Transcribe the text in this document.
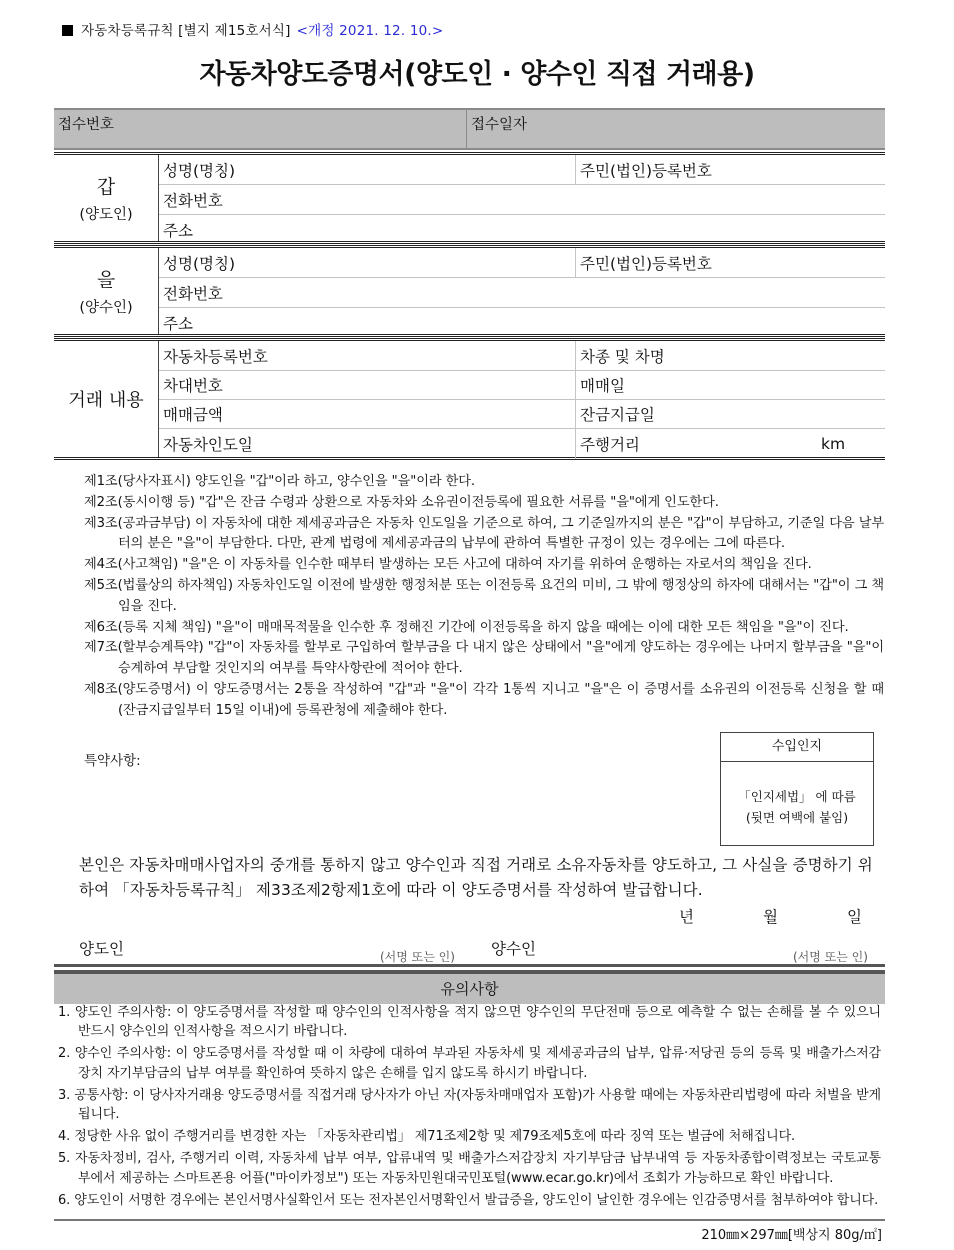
자동차등록규칙 [별지 제15호서식] <개정 2021. 12. 10.>
자동차양도증명서(양도인 · 양수인 직접 거래용)
접수번호	접수일자
갑
(양도인)
성명(명칭)	주민(법인)등록번호
전화번호
주소
을
(양수인)
성명(명칭)	주민(법인)등록번호
전화번호
주소
거래 내용
자동차등록번호	차종 및 차명
차대번호	매매일
매매금액	잔금지급일
자동차인도일	주행거리	km

제1조(당사자표시) 양도인을 "갑"이라 하고, 양수인을 "을"이라 한다.

제2조(동시이행 등) "갑"은 잔금 수령과 상환으로 자동차와 소유권이전등록에 필요한 서류를 "을"에게 인도한다.

제3조(공과금부담) 이 자동차에 대한 제세공과금은 자동차 인도일을 기준으로 하여, 그 기준일까지의 분은 "갑"이 부담하고, 기준일 다음 날부터의 분은 "을"이 부담한다. 다만, 관계 법령에 제세공과금의 납부에 관하여 특별한 규정이 있는 경우에는 그에 따른다.

제4조(사고책임) "을"은 이 자동차를 인수한 때부터 발생하는 모든 사고에 대하여 자기를 위하여 운행하는 자로서의 책임을 진다.

제5조(법률상의 하자책임) 자동차인도일 이전에 발생한 행정처분 또는 이전등록 요건의 미비, 그 밖에 행정상의 하자에 대해서는 "갑"이 그 책임을 진다.

제6조(등록 지체 책임) "을"이 매매목적물을 인수한 후 정해진 기간에 이전등록을 하지 않을 때에는 이에 대한 모든 책임을 "을"이 진다.

제7조(할부승계특약) "갑"이 자동차를 할부로 구입하여 할부금을 다 내지 않은 상태에서 "을"에게 양도하는 경우에는 나머지 할부금을 "을"이 승계하여 부담할 것인지의 여부를 특약사항란에 적어야 한다.

제8조(양도증명서) 이 양도증명서는 2통을 작성하여 "갑"과 "을"이 각각 1통씩 지니고 "을"은 이 증명서를 소유권의 이전등록 신청을 할 때(잔금지급일부터 15일 이내)에 등록관청에 제출해야 한다.

특약사항:
수입인지
「인지세법」 에 따름
(뒷면 여백에 붙임)
본인은 자동차매매사업자의 중개를 통하지 않고 양수인과 직접 거래로 소유자동차를 양도하고, 그 사실을 증명하기 위하여 「자동차등록규칙」 제33조제2항제1호에 따라 이 양도증명서를 작성하여 발급합니다.
년	월	일
양도인	(서명 또는 인) 양수인	(서명 또는 인)
유의사항

1. 양도인 주의사항: 이 양도증명서를 작성할 때 양수인의 인적사항을 적지 않으면 양수인의 무단전매 등으로 예측할 수 없는 손해를 볼 수 있으니 반드시 양수인의 인적사항을 적으시기 바랍니다.

2. 양수인 주의사항: 이 양도증명서를 작성할 때 이 차량에 대하여 부과된 자동차세 및 제세공과금의 납부, 압류·저당권 등의 등록 및 배출가스저감장치 자기부담금의 납부 여부를 확인하여 뜻하지 않은 손해를 입지 않도록 하시기 바랍니다.

3. 공통사항: 이 당사자거래용 양도증명서를 직접거래 당사자가 아닌 자(자동차매매업자 포함)가 사용할 때에는 자동차관리법령에 따라 처벌을 받게 됩니다.

4. 정당한 사유 없이 주행거리를 변경한 자는 「자동차관리법」 제71조제2항 및 제79조제5호에 따라 징역 또는 벌금에 처해집니다.

5. 자동차정비, 검사, 주행거리 이력, 자동차세 납부 여부, 압류내역 및 배출가스저감장치 자기부담금 납부내역 등 자동차종합이력정보는 국토교통부에서 제공하는 스마트폰용 어플("마이카정보") 또는 자동차민원대국민포털(www.ecar.go.kr)에서 조회가 가능하므로 확인 바랍니다.

6. 양도인이 서명한 경우에는 본인서명사실확인서 또는 전자본인서명확인서 발급증을, 양도인이 날인한 경우에는 인감증명서를 첨부하여야 합니다.

210㎜×297㎜[백상지 80g/㎡]
